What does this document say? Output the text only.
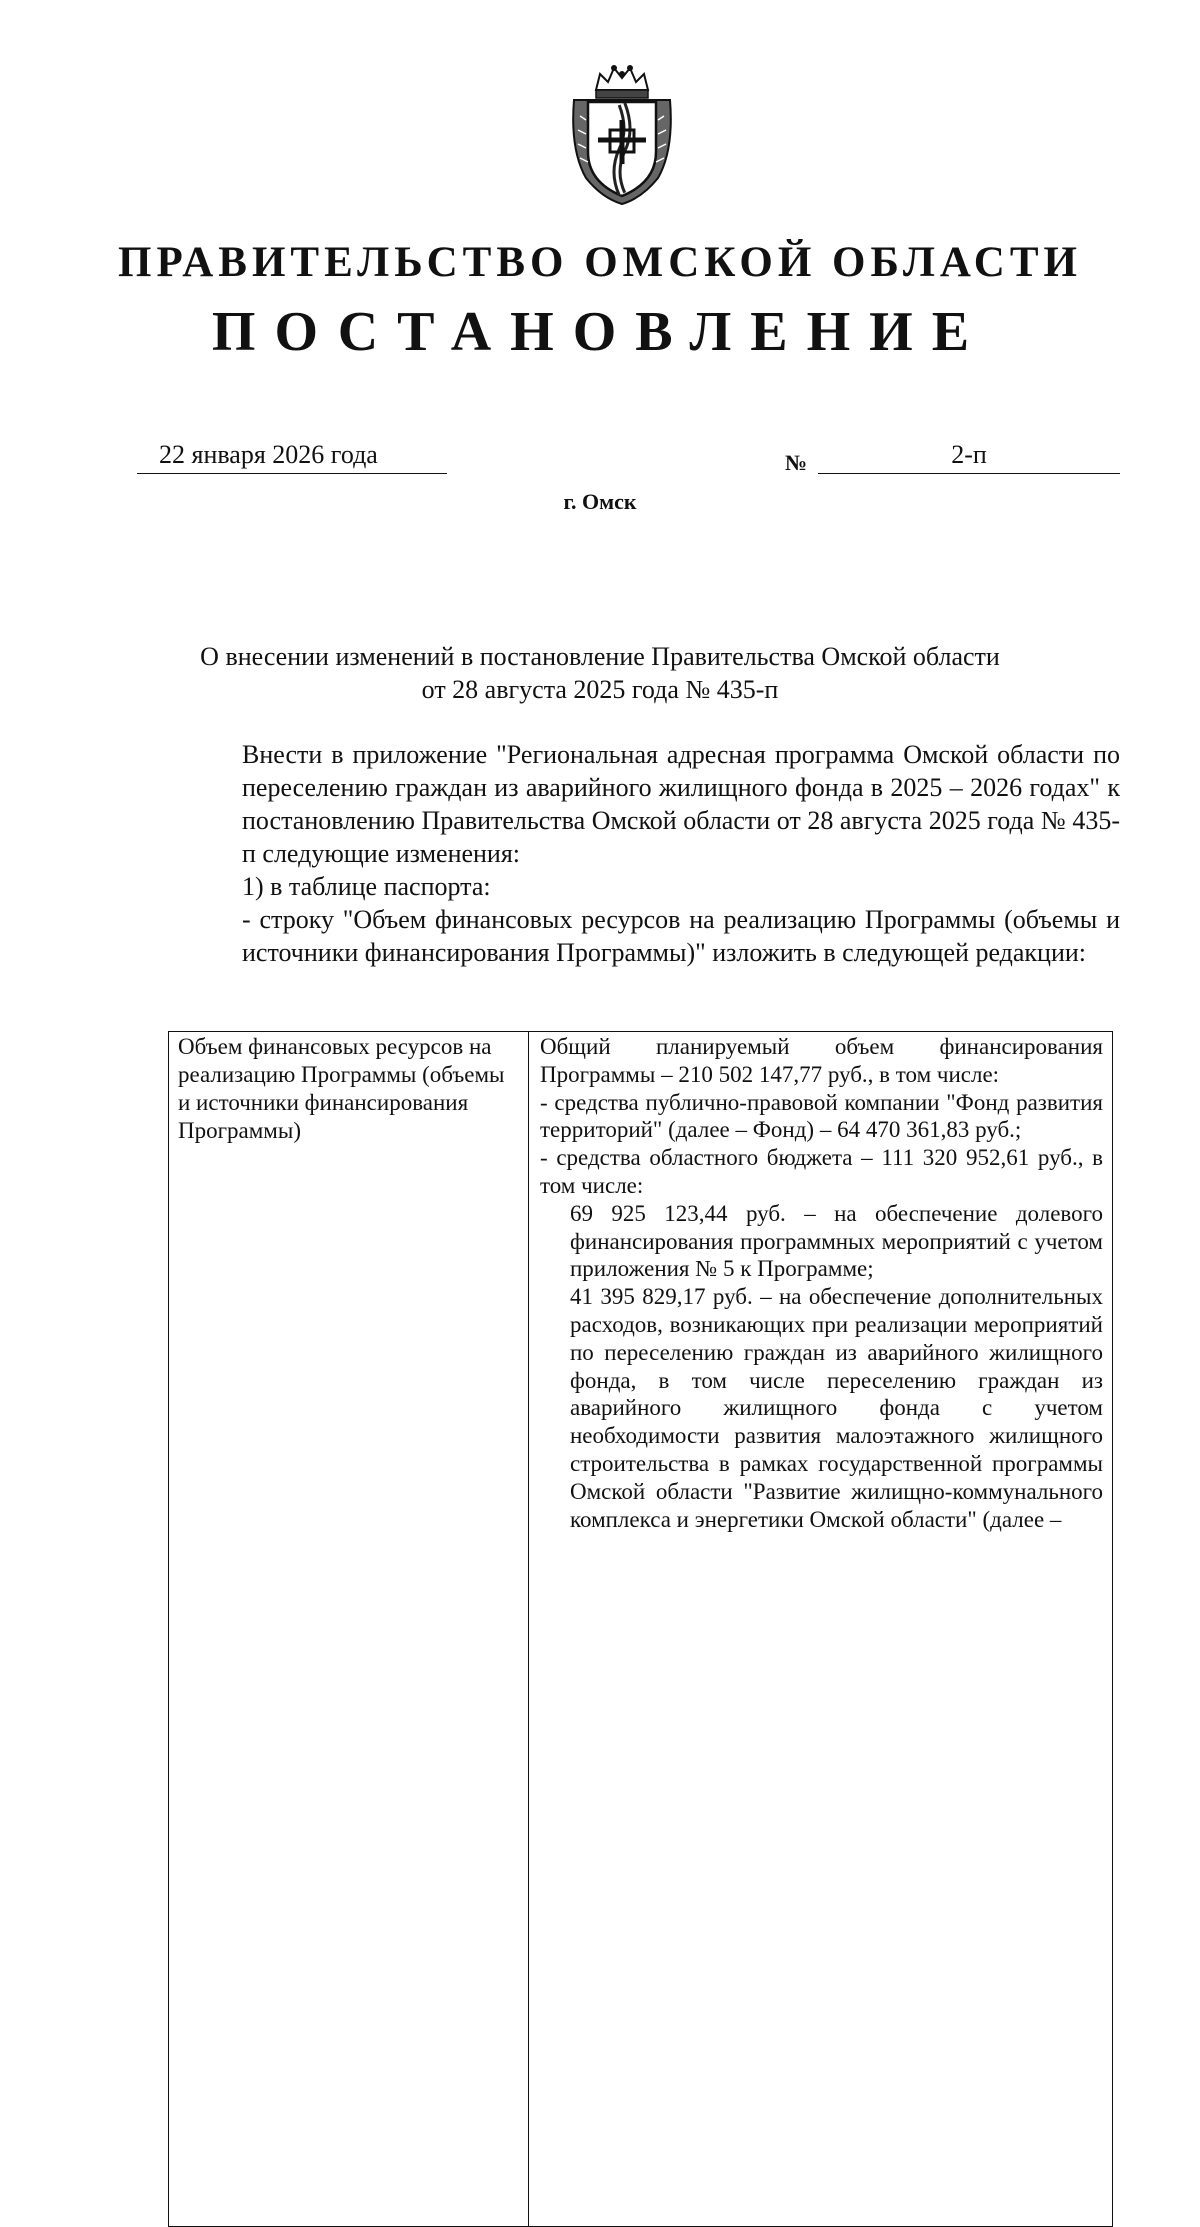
ПРАВИТЕЛЬСТВО ОМСКОЙ ОБЛАСТИ
ПОСТАНОВЛЕНИЕ
22 января 2026 года	№	2-п
г. Омск
О внесении изменений в постановление Правительства Омской области
от 28 августа 2025 года № 435-п

Внести в приложение "Региональная адресная программа Омской области по переселению граждан из аварийного жилищного фонда в 2025 – 2026 годах" к постановлению Правительства Омской области от 28 августа 2025 года № 435-п следующие изменения:

1) в таблице паспорта:

- строку "Объем финансовых ресурсов на реализацию Программы (объемы и источники финансирования Программы)" изложить в следующей редакции:

Объем финансовых ресурсов на реализацию Программы (объемы и источники финансирования Программы)

Общий планируемый объем финансирования Программы – 210 502 147,77 руб., в том числе:

- средства публично-правовой компании "Фонд развития территорий" (далее – Фонд) – 64 470 361,83 руб.;

- средства областного бюджета – 111 320 952,61 руб., в том числе:

69 925 123,44 руб. – на обеспечение долевого финансирования программных мероприятий с учетом приложения № 5 к Программе;

41 395 829,17 руб. – на обеспечение дополнительных расходов, возникающих при реализации мероприятий по переселению граждан из аварийного жилищного фонда, в том числе переселению граждан из аварийного жилищного фонда с учетом необходимости развития малоэтажного жилищного строительства в рамках государственной программы Омской области "Развитие жилищно-коммунального комплекса и энергетики Омской области" (далее –
